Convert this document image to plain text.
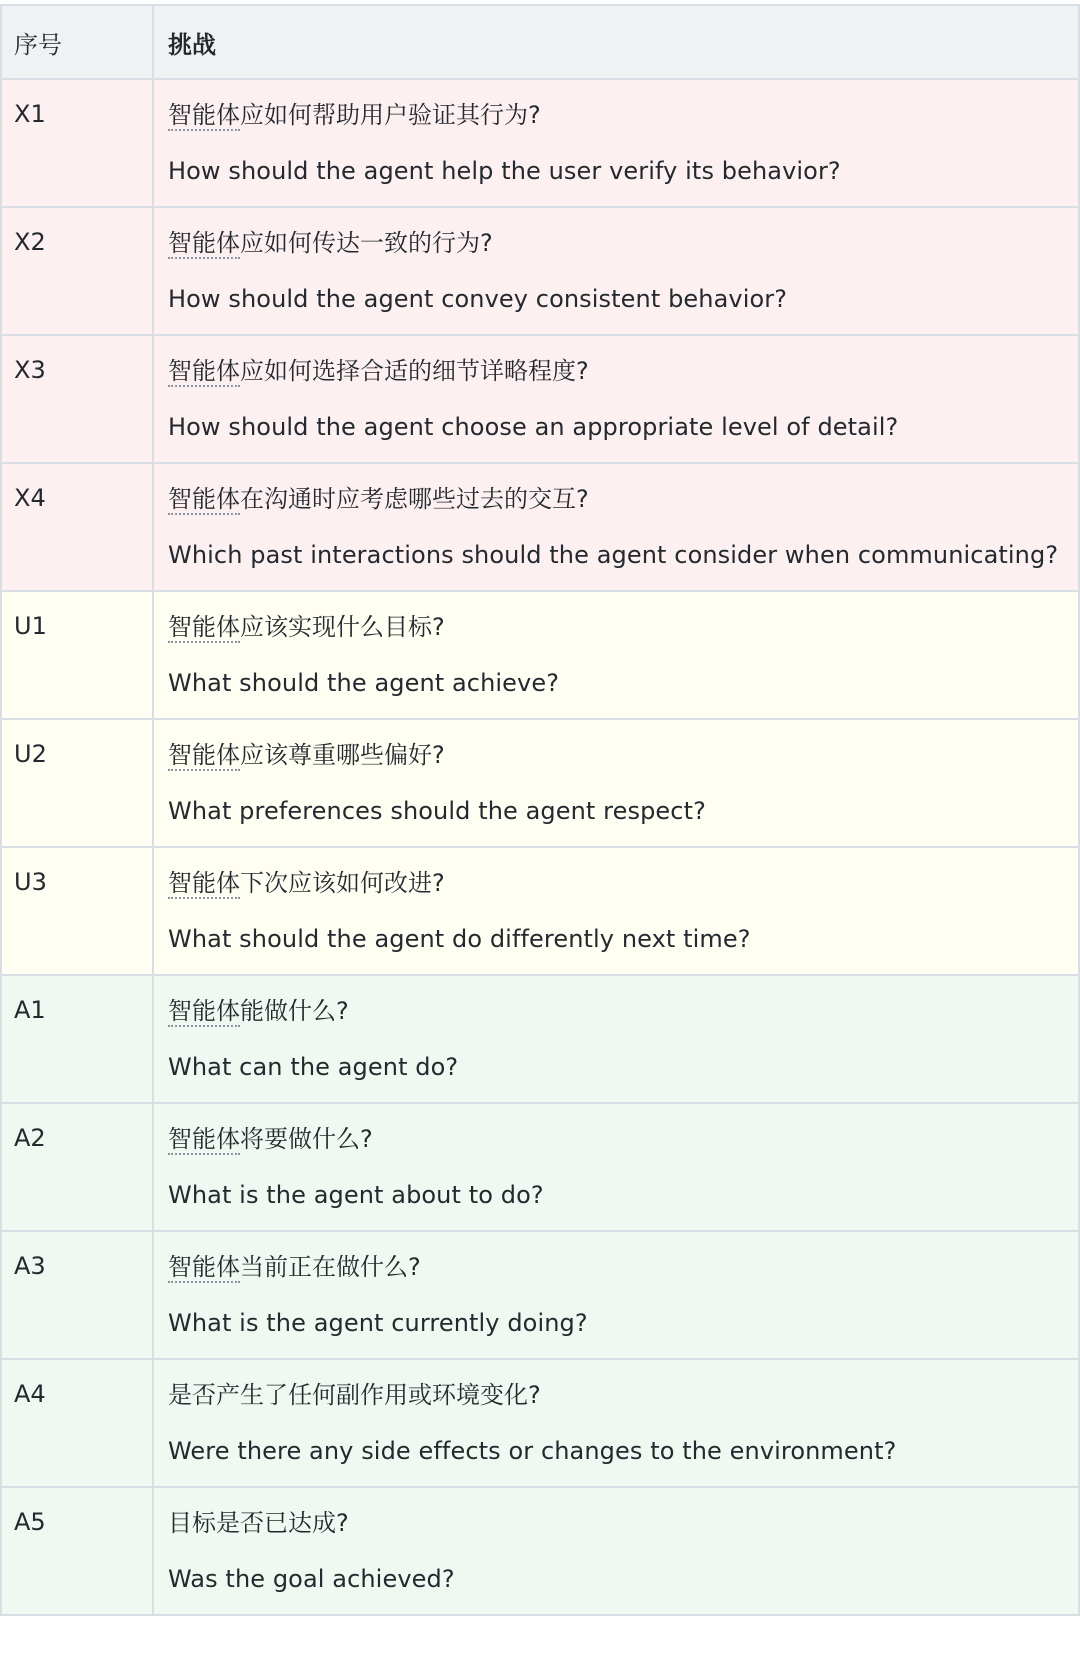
序号	挑战
X1	智能体应如何帮助用户验证其行为?
How should the agent help the user verify its behavior?

X2	智能体应如何传达一致的行为?
How should the agent convey consistent behavior?

X3	智能体应如何选择合适的细节详略程度?
How should the agent choose an appropriate level of detail?

X4	智能体在沟通时应考虑哪些过去的交互?
Which past interactions should the agent consider when communicating?

U1	智能体应该实现什么目标?
What should the agent achieve?

U2	智能体应该尊重哪些偏好?
What preferences should the agent respect?

U3	智能体下次应该如何改进?
What should the agent do differently next time?

A1	智能体能做什么?
What can the agent do?

A2	智能体将要做什么?
What is the agent about to do?

A3	智能体当前正在做什么?
What is the agent currently doing?

A4	是否产生了任何副作用或环境变化?
Were there any side effects or changes to the environment?

A5	目标是否已达成?
Was the goal achieved?
